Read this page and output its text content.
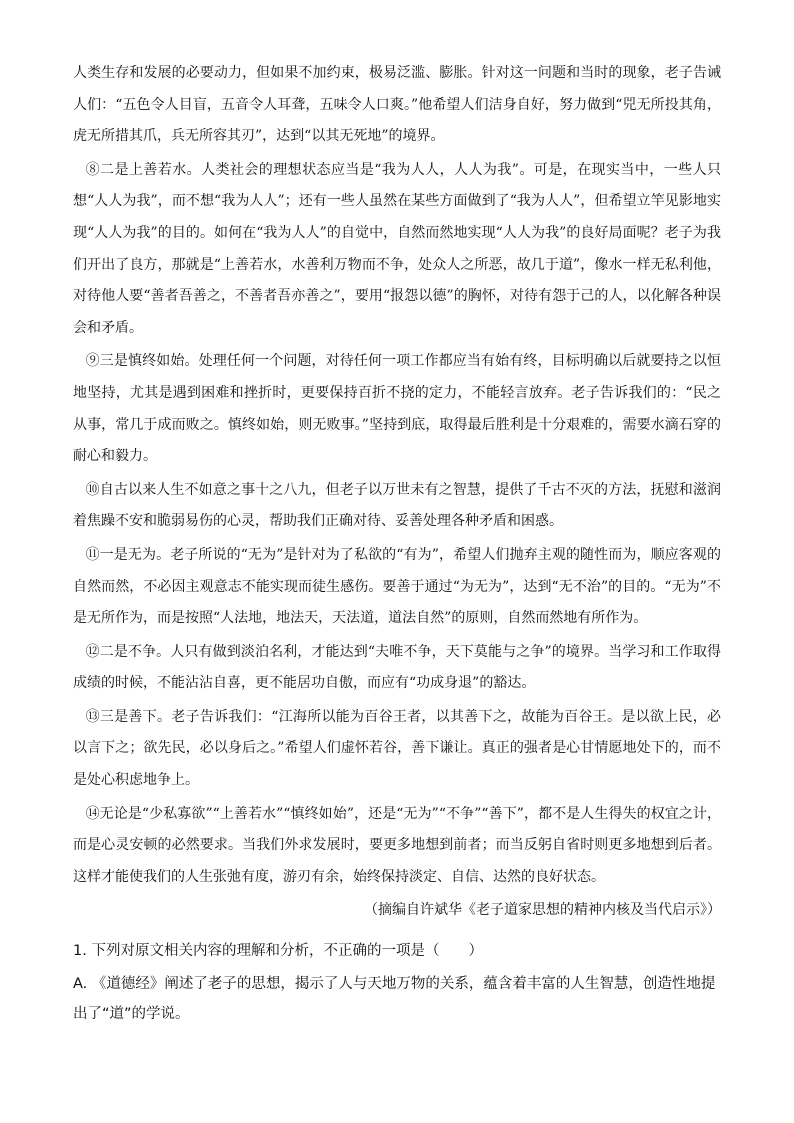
人类生存和发展的必要动力，但如果不加约束，极易泛滥、膨胀。针对这一问题和当时的现象，老子告诫人们：“五色令人目盲，五音令人耳聋，五味令人口爽。”他希望人们洁身自好，努力做到“兕无所投其角，虎无所措其爪，兵无所容其刃”，达到“以其无死地”的境界。

⑧二是上善若水。人类社会的理想状态应当是“我为人人，人人为我”。可是，在现实当中，一些人只想“人人为我”，而不想“我为人人”；还有一些人虽然在某些方面做到了“我为人人”，但希望立竿见影地实现“人人为我”的目的。如何在“我为人人”的自觉中，自然而然地实现“人人为我”的良好局面呢？老子为我们开出了良方，那就是“上善若水，水善利万物而不争，处众人之所恶，故几于道”，像水一样无私利他，对待他人要“善者吾善之，不善者吾亦善之”，要用“报怨以德”的胸怀，对待有怨于己的人，以化解各种误会和矛盾。

⑨三是慎终如始。处理任何一个问题，对待任何一项工作都应当有始有终，目标明确以后就要持之以恒地坚持，尤其是遇到困难和挫折时，更要保持百折不挠的定力，不能轻言放弃。老子告诉我们的：“民之从事，常几于成而败之。慎终如始，则无败事。”坚持到底，取得最后胜利是十分艰难的，需要水滴石穿的耐心和毅力。

⑩自古以来人生不如意之事十之八九，但老子以万世未有之智慧，提供了千古不灭的方法，抚慰和滋润着焦躁不安和脆弱易伤的心灵，帮助我们正确对待、妥善处理各种矛盾和困惑。

⑪一是无为。老子所说的“无为”是针对为了私欲的“有为”，希望人们抛弃主观的随性而为，顺应客观的自然而然，不必因主观意志不能实现而徒生感伤。要善于通过“为无为”，达到“无不治”的目的。“无为”不是无所作为，而是按照“人法地，地法天，天法道，道法自然”的原则，自然而然地有所作为。

⑫二是不争。人只有做到淡泊名利，才能达到“夫唯不争，天下莫能与之争”的境界。当学习和工作取得成绩的时候，不能沾沾自喜，更不能居功自傲，而应有“功成身退”的豁达。

⑬三是善下。老子告诉我们：“江海所以能为百谷王者，以其善下之，故能为百谷王。是以欲上民，必以言下之；欲先民，必以身后之。”希望人们虚怀若谷，善下谦让。真正的强者是心甘情愿地处下的，而不是处心积虑地争上。

⑭无论是“少私寡欲”“上善若水”“慎终如始”，还是“无为”“不争”“善下”，都不是人生得失的权宜之计，而是心灵安顿的必然要求。当我们外求发展时，要更多地想到前者；而当反躬自省时则更多地想到后者。这样才能使我们的人生张弛有度，游刃有余，始终保持淡定、自信、达然的良好状态。

（摘编自许斌华《老子道家思想的精神内核及当代启示》）

1. 下列对原文相关内容的理解和分析，不正确的一项是（　　）

A. 《道德经》阐述了老子的思想，揭示了人与天地万物的关系，蕴含着丰富的人生智慧，创造性地提出了“道”的学说。
